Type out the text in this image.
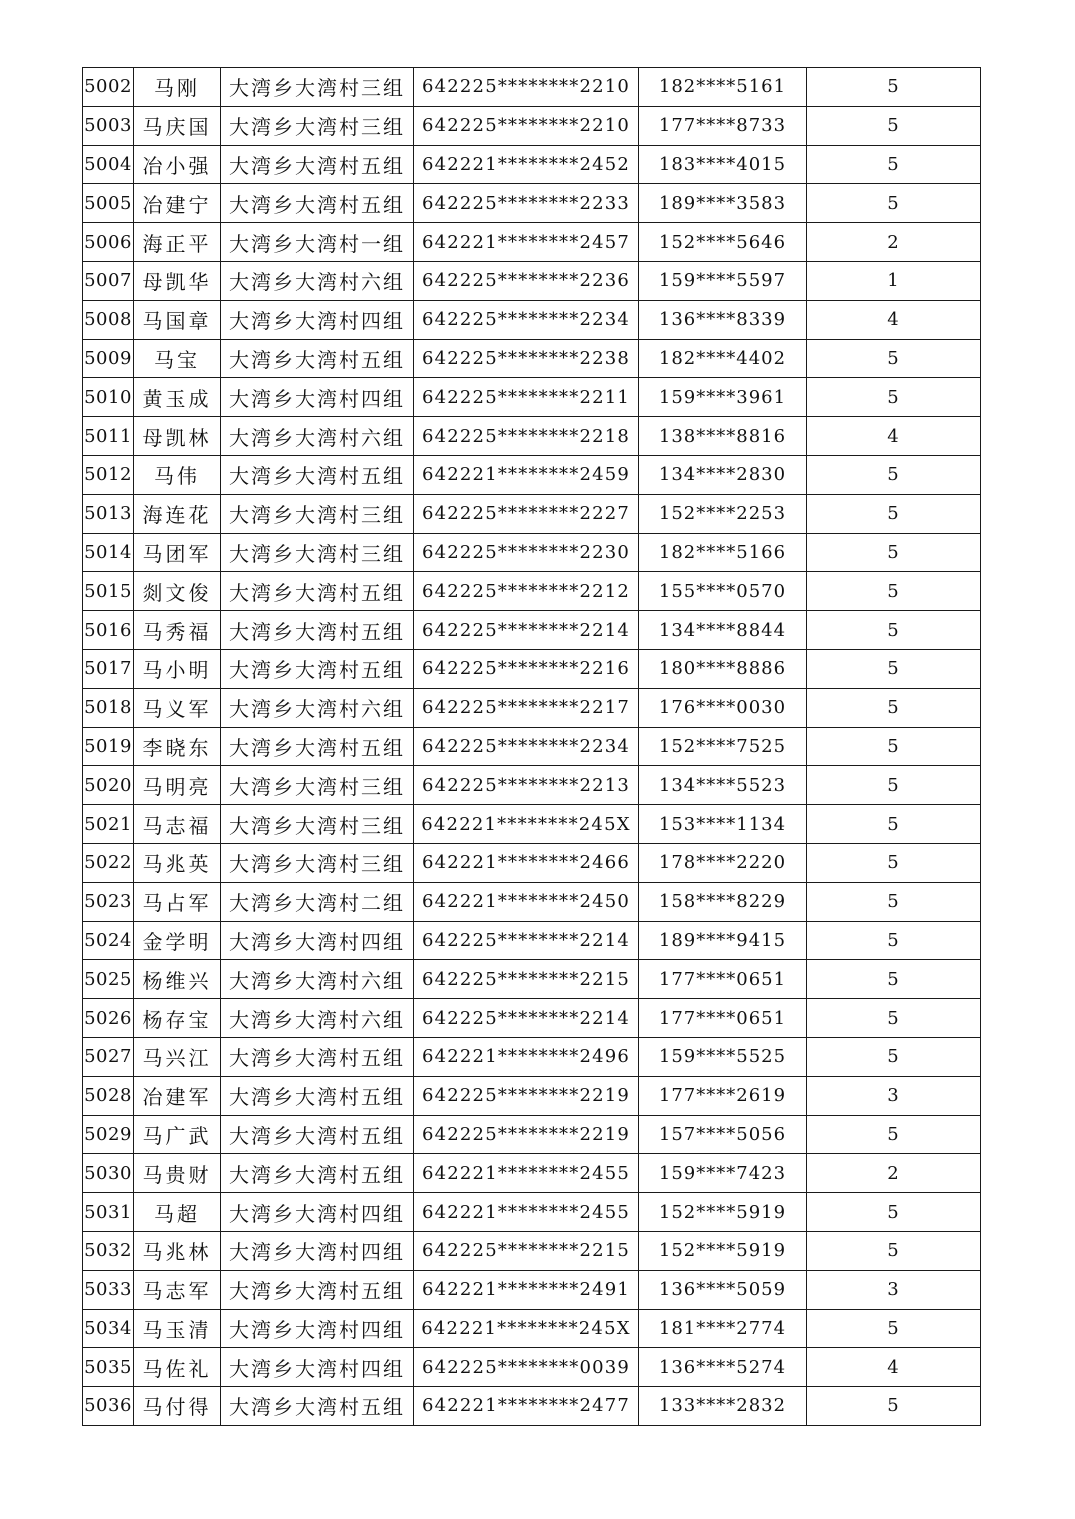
5002	马刚	大湾乡大湾村三组	642225********2210	182****5161	5
5003	马庆国	大湾乡大湾村三组	642225********2210	177****8733	5
5004	冶小强	大湾乡大湾村五组	642221********2452	183****4015	5
5005	冶建宁	大湾乡大湾村五组	642225********2233	189****3583	5
5006	海正平	大湾乡大湾村一组	642221********2457	152****5646	2
5007	母凯华	大湾乡大湾村六组	642225********2236	159****5597	1
5008	马国章	大湾乡大湾村四组	642225********2234	136****8339	4
5009	马宝	大湾乡大湾村五组	642225********2238	182****4402	5
5010	黄玉成	大湾乡大湾村四组	642225********2211	159****3961	5
5011	母凯林	大湾乡大湾村六组	642225********2218	138****8816	4
5012	马伟	大湾乡大湾村五组	642221********2459	134****2830	5
5013	海连花	大湾乡大湾村三组	642225********2227	152****2253	5
5014	马团军	大湾乡大湾村三组	642225********2230	182****5166	5
5015	剡文俊	大湾乡大湾村五组	642225********2212	155****0570	5
5016	马秀福	大湾乡大湾村五组	642225********2214	134****8844	5
5017	马小明	大湾乡大湾村五组	642225********2216	180****8886	5
5018	马义军	大湾乡大湾村六组	642225********2217	176****0030	5
5019	李晓东	大湾乡大湾村五组	642225********2234	152****7525	5
5020	马明亮	大湾乡大湾村三组	642225********2213	134****5523	5
5021	马志福	大湾乡大湾村三组	642221********245X	153****1134	5
5022	马兆英	大湾乡大湾村三组	642221********2466	178****2220	5
5023	马占军	大湾乡大湾村二组	642221********2450	158****8229	5
5024	金学明	大湾乡大湾村四组	642225********2214	189****9415	5
5025	杨维兴	大湾乡大湾村六组	642225********2215	177****0651	5
5026	杨存宝	大湾乡大湾村六组	642225********2214	177****0651	5
5027	马兴江	大湾乡大湾村五组	642221********2496	159****5525	5
5028	冶建军	大湾乡大湾村五组	642225********2219	177****2619	3
5029	马广武	大湾乡大湾村五组	642225********2219	157****5056	5
5030	马贵财	大湾乡大湾村五组	642221********2455	159****7423	2
5031	马超	大湾乡大湾村四组	642221********2455	152****5919	5
5032	马兆林	大湾乡大湾村四组	642225********2215	152****5919	5
5033	马志军	大湾乡大湾村五组	642221********2491	136****5059	3
5034	马玉清	大湾乡大湾村四组	642221********245X	181****2774	5
5035	马佐礼	大湾乡大湾村四组	642225********0039	136****5274	4
5036	马付得	大湾乡大湾村五组	642221********2477	133****2832	5
